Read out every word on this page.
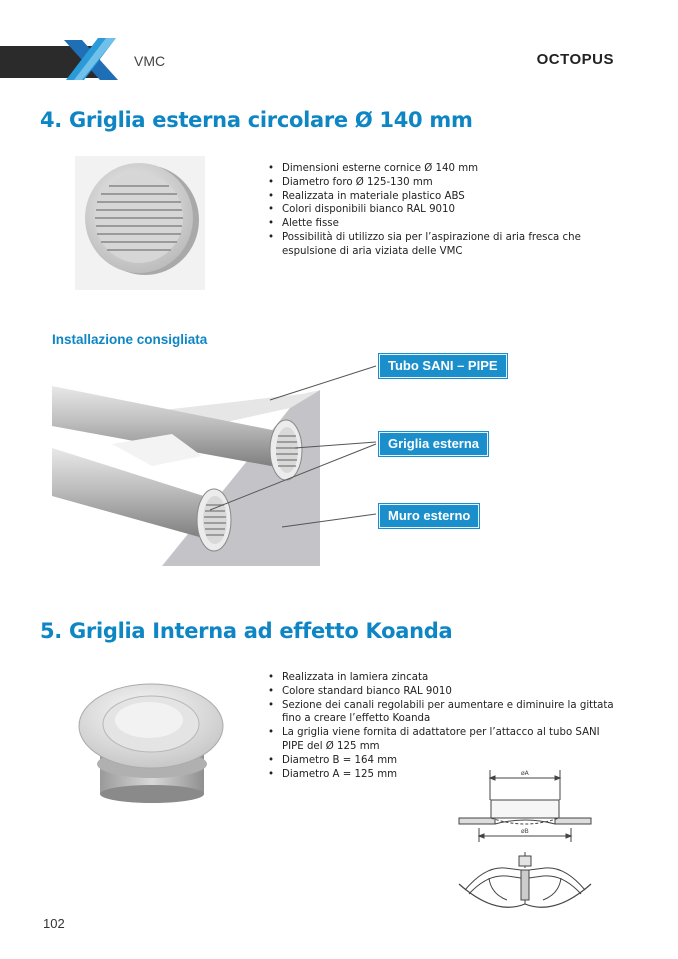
VMC	OCTOPUS
4. Griglia esterna circolare Ø 140 mm
• Dimensioni esterne cornice Ø 140 mm
• Diametro foro Ø 125-130 mm
• Realizzata in materiale plastico ABS
• Colori disponibili bianco RAL 9010
• Alette fisse
• Possibilità di utilizzo sia per l’aspirazione di aria fresca che espulsione di aria viziata delle VMC
Installazione consigliata
Tubo SANI – PIPE
Griglia esterna
Muro esterno
5. Griglia Interna ad effetto Koanda
• Realizzata in lamiera zincata
• Colore standard bianco RAL 9010
• Sezione dei canali regolabili per aumentare e diminuire la gittata fino a creare l’effetto Koanda
• La griglia viene fornita di adattatore per l’attacco al tubo SANI PIPE del Ø 125 mm
• Diametro B = 164 mm
• Diametro A = 125 mm	øA
øB
102
